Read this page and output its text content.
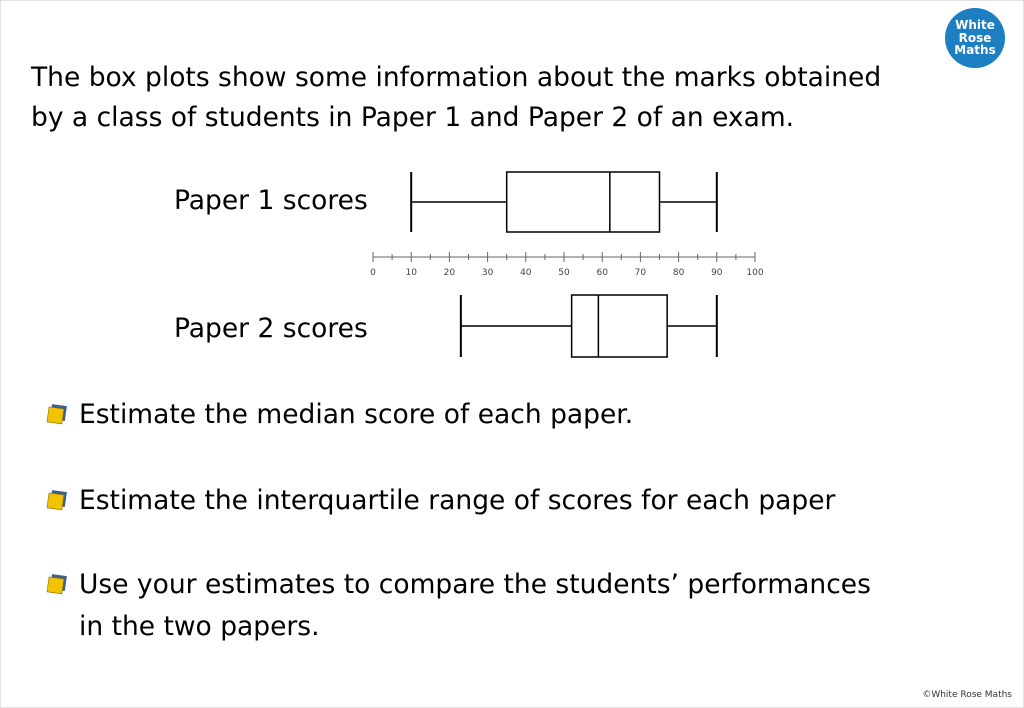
The box plots show some information about the marks obtained
by a class of students in Paper 1 and Paper 2 of an exam.

White
Rose
Maths
Paper 1 scores
Paper 2 scores
0	10	20	30	40	50	60	70	80	90	100
Estimate the median score of each paper.
Estimate the interquartile range of scores for each paper
Use your estimates to compare the students’ performances
in the two papers.
©White Rose Maths
